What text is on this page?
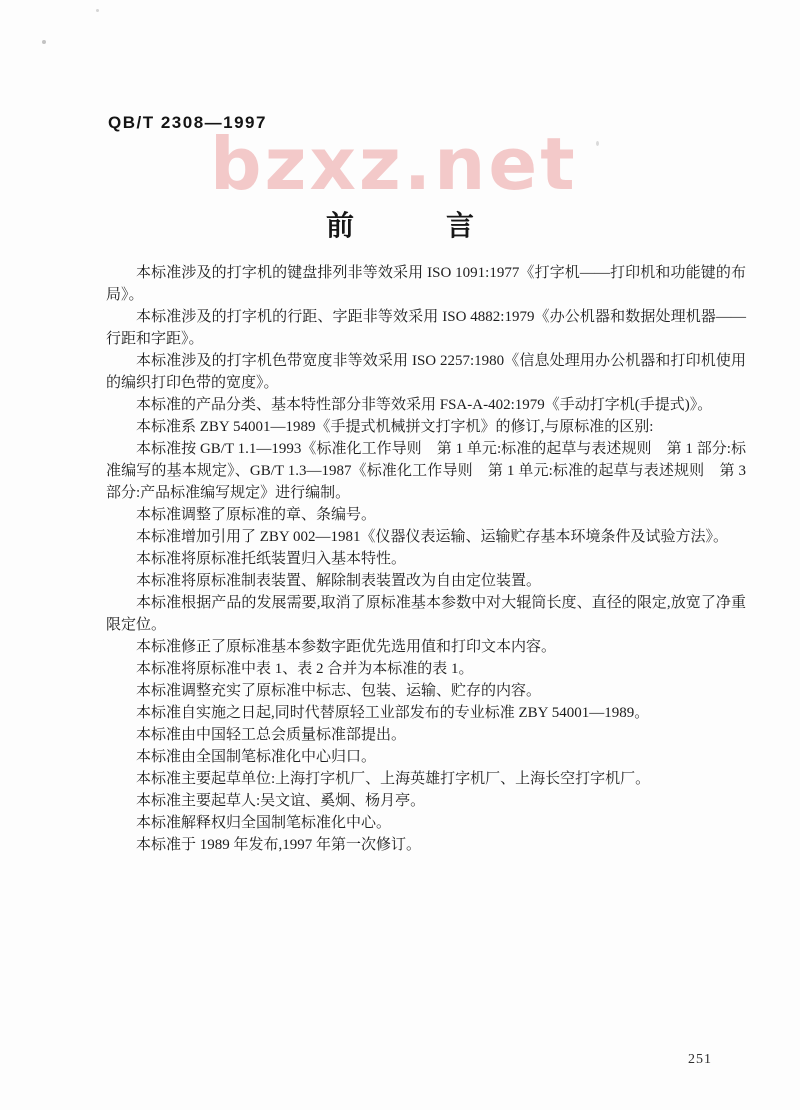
QB/T 2308—1997
bzxz.net
前	言

本标准涉及的打字机的键盘排列非等效采用 ISO 1091:1977《打字机——打印机和功能键的布局》。

本标准涉及的打字机的行距、字距非等效采用 ISO 4882:1979《办公机器和数据处理机器——行距和字距》。

本标准涉及的打字机色带宽度非等效采用 ISO 2257:1980《信息处理用办公机器和打印机使用的编织打印色带的宽度》。

本标准的产品分类、基本特性部分非等效采用 FSA-A-402:1979《手动打字机(手提式)》。

本标准系 ZBY 54001—1989《手提式机械拼文打字机》的修订,与原标准的区别:

本标准按 GB/T 1.1—1993《标准化工作导则　第 1 单元:标准的起草与表述规则　第 1 部分:标准编写的基本规定》、GB/T 1.3—1987《标准化工作导则　第 1 单元:标准的起草与表述规则　第 3 部分:产品标准编写规定》进行编制。

本标准调整了原标准的章、条编号。

本标准增加引用了 ZBY 002—1981《仪器仪表运输、运输贮存基本环境条件及试验方法》。

本标准将原标准托纸装置归入基本特性。

本标准将原标准制表装置、解除制表装置改为自由定位装置。

本标准根据产品的发展需要,取消了原标准基本参数中对大辊筒长度、直径的限定,放宽了净重限定位。

本标准修正了原标准基本参数字距优先选用值和打印文本内容。

本标准将原标准中表 1、表 2 合并为本标准的表 1。

本标准调整充实了原标准中标志、包装、运输、贮存的内容。

本标准自实施之日起,同时代替原轻工业部发布的专业标准 ZBY 54001—1989。

本标准由中国轻工总会质量标准部提出。

本标准由全国制笔标准化中心归口。

本标准主要起草单位:上海打字机厂、上海英雄打字机厂、上海长空打字机厂。

本标准主要起草人:吴文谊、奚炯、杨月亭。

本标准解释权归全国制笔标准化中心。

本标准于 1989 年发布,1997 年第一次修订。

251
